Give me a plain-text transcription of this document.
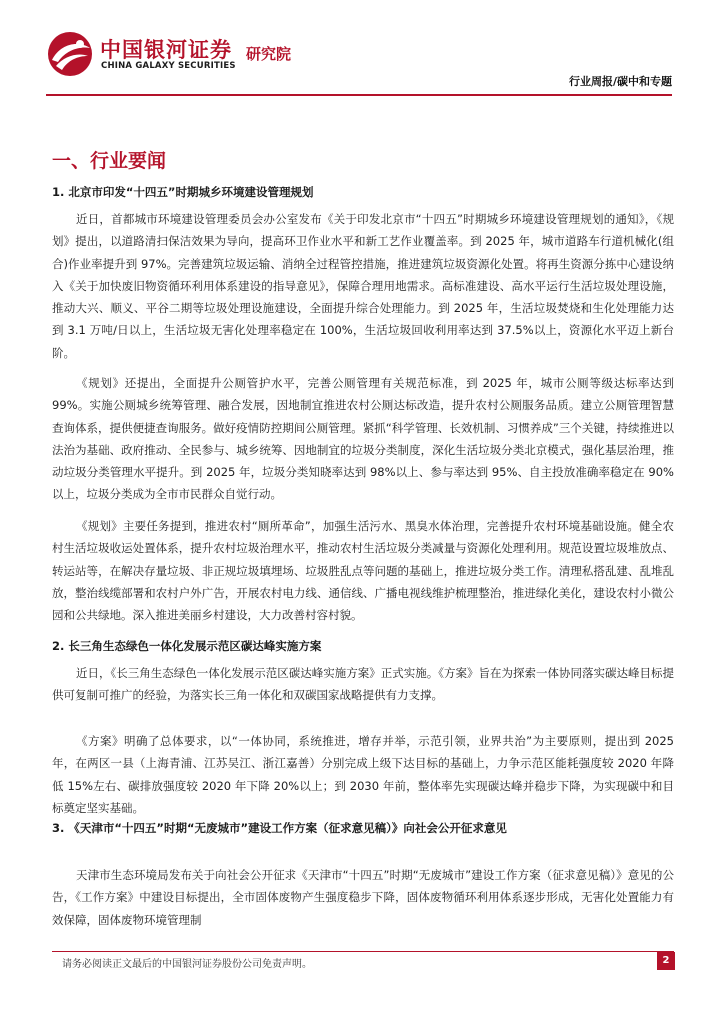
中国银河证券
CHINA GALAXY SECURITIES
研究院
行业周报/碳中和专题
一、行业要闻

1. 北京市印发“十四五”时期城乡环境建设管理规划

近日，首都城市环境建设管理委员会办公室发布《关于印发北京市“十四五”时期城乡环境建设管理规划的通知》，《规划》提出，以道路清扫保洁效果为导向，提高环卫作业水平和新工艺作业覆盖率。到 2025 年，城市道路车行道机械化(组合)作业率提升到 97%。完善建筑垃圾运输、消纳全过程管控措施，推进建筑垃圾资源化处置。将再生资源分拣中心建设纳入《关于加快废旧物资循环利用体系建设的指导意见》，保障合理用地需求。高标准建设、高水平运行生活垃圾处理设施，推动大兴、顺义、平谷二期等垃圾处理设施建设，全面提升综合处理能力。到 2025 年，生活垃圾焚烧和生化处理能力达到 3.1 万吨/日以上，生活垃圾无害化处理率稳定在 100%，生活垃圾回收利用率达到 37.5%以上，资源化水平迈上新台阶。

《规划》还提出，全面提升公厕管护水平，完善公厕管理有关规范标准，到 2025 年，城市公厕等级达标率达到 99%。实施公厕城乡统筹管理、融合发展，因地制宜推进农村公厕达标改造，提升农村公厕服务品质。建立公厕管理智慧查询体系，提供便捷查询服务。做好疫情防控期间公厕管理。紧抓“科学管理、长效机制、习惯养成”三个关键，持续推进以法治为基础、政府推动、全民参与、城乡统筹、因地制宜的垃圾分类制度，深化生活垃圾分类北京模式，强化基层治理，推动垃圾分类管理水平提升。到 2025 年，垃圾分类知晓率达到 98%以上、参与率达到 95%、自主投放准确率稳定在 90%以上，垃圾分类成为全市市民群众自觉行动。

《规划》主要任务提到，推进农村“厕所革命”，加强生活污水、黑臭水体治理，完善提升农村环境基础设施。健全农村生活垃圾收运处置体系，提升农村垃圾治理水平，推动农村生活垃圾分类减量与资源化处理利用。规范设置垃圾堆放点、转运站等，在解决存量垃圾、非正规垃圾填埋场、垃圾胜乱点等问题的基础上，推进垃圾分类工作。清理私搭乱建、乱堆乱放，整治线缆部署和农村户外广告，开展农村电力线、通信线、广播电视线维护梳理整治，推进绿化美化，建设农村小微公园和公共绿地。深入推进美丽乡村建设，大力改善村容村貌。

2. 长三角生态绿色一体化发展示范区碳达峰实施方案

近日，《长三角生态绿色一体化发展示范区碳达峰实施方案》正式实施。《方案》旨在为探索一体协同落实碳达峰目标提供可复制可推广的经验，为落实长三角一体化和双碳国家战略提供有力支撑。

《方案》明确了总体要求，以“一体协同，系统推进，增存并举，示范引领，业界共治”为主要原则，提出到 2025 年，在两区一县（上海青浦、江苏吴江、浙江嘉善）分别完成上级下达目标的基础上，力争示范区能耗强度较 2020 年降低 15%左右、碳排放强度较 2020 年下降 20%以上；到 2030 年前，整体率先实现碳达峰并稳步下降，为实现碳中和目标奠定坚实基础。

3. 《天津市“十四五”时期“无废城市”建设工作方案（征求意见稿）》向社会公开征求意见

天津市生态环境局发布关于向社会公开征求《天津市“十四五”时期“无废城市”建设工作方案（征求意见稿）》意见的公告，《工作方案》中建设目标提出，全市固体废物产生强度稳步下降，固体废物循环利用体系逐步形成，无害化处置能力有效保障，固体废物环境管理制

请务必阅读正文最后的中国银河证券股份公司免责声明。	2
